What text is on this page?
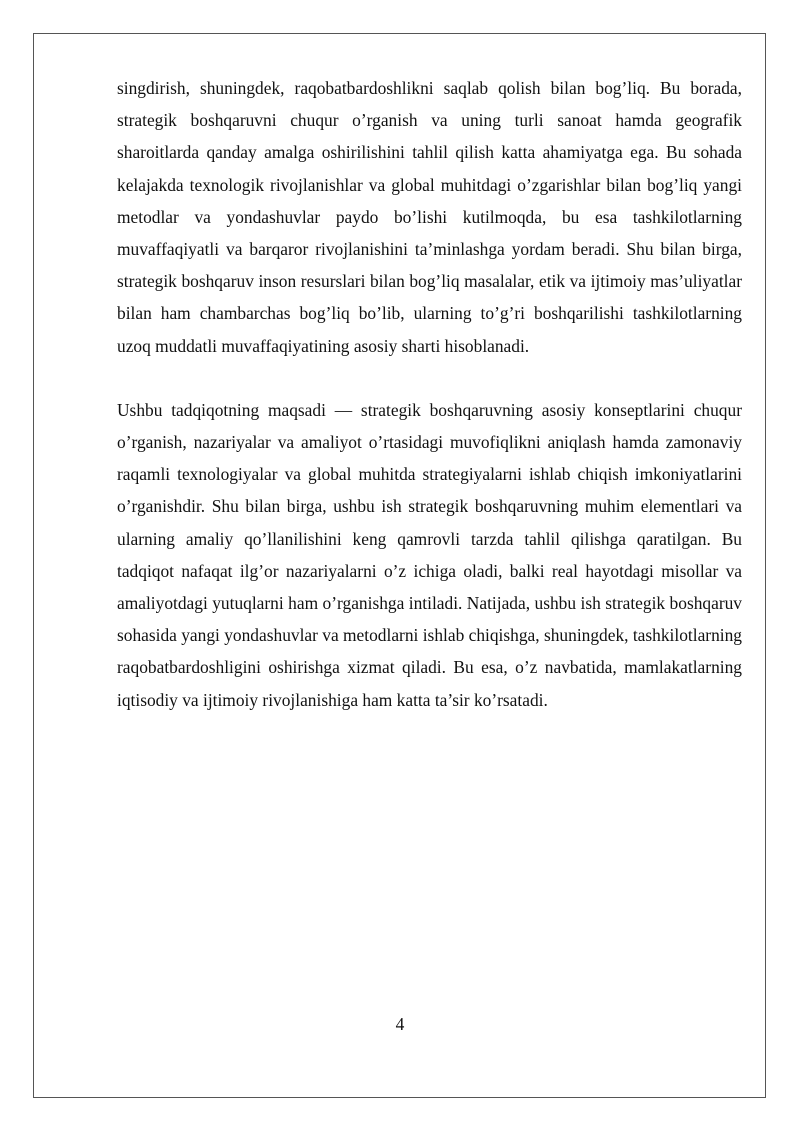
singdirish, shuningdek, raqobatbardoshlikni saqlab qolish bilan bog’liq. Bu borada, strategik boshqaruvni chuqur o’rganish va uning turli sanoat hamda geografik sharoitlarda qanday amalga oshirilishini tahlil qilish katta ahamiyatga ega. Bu sohada kelajakda texnologik rivojlanishlar va global muhitdagi o’zgarishlar bilan bog’liq yangi metodlar va yondashuvlar paydo bo’lishi kutilmoqda, bu esa tashkilotlarning muvaffaqiyatli va barqaror rivojlanishini ta’minlashga yordam beradi. Shu bilan birga, strategik boshqaruv inson resurslari bilan bog’liq masalalar, etik va ijtimoiy mas’uliyatlar bilan ham chambarchas bog’liq bo’lib, ularning to’g’ri boshqarilishi tashkilotlarning uzoq muddatli muvaffaqiyatining asosiy sharti hisoblanadi.

Ushbu tadqiqotning maqsadi — strategik boshqaruvning asosiy konseptlarini chuqur o’rganish, nazariyalar va amaliyot o’rtasidagi muvofiqlikni aniqlash hamda zamonaviy raqamli texnologiyalar va global muhitda strategiyalarni ishlab chiqish imkoniyatlarini o’rganishdir. Shu bilan birga, ushbu ish strategik boshqaruvning muhim elementlari va ularning amaliy qo’llanilishini keng qamrovli tarzda tahlil qilishga qaratilgan. Bu tadqiqot nafaqat ilg’or nazariyalarni o’z ichiga oladi, balki real hayotdagi misollar va amaliyotdagi yutuqlarni ham o’rganishga intiladi. Natijada, ushbu ish strategik boshqaruv sohasida yangi yondashuvlar va metodlarni ishlab chiqishga, shuningdek, tashkilotlarning raqobatbardoshligini oshirishga xizmat qiladi. Bu esa, o’z navbatida, mamlakatlarning iqtisodiy va ijtimoiy rivojlanishiga ham katta ta’sir ko’rsatadi.

4
